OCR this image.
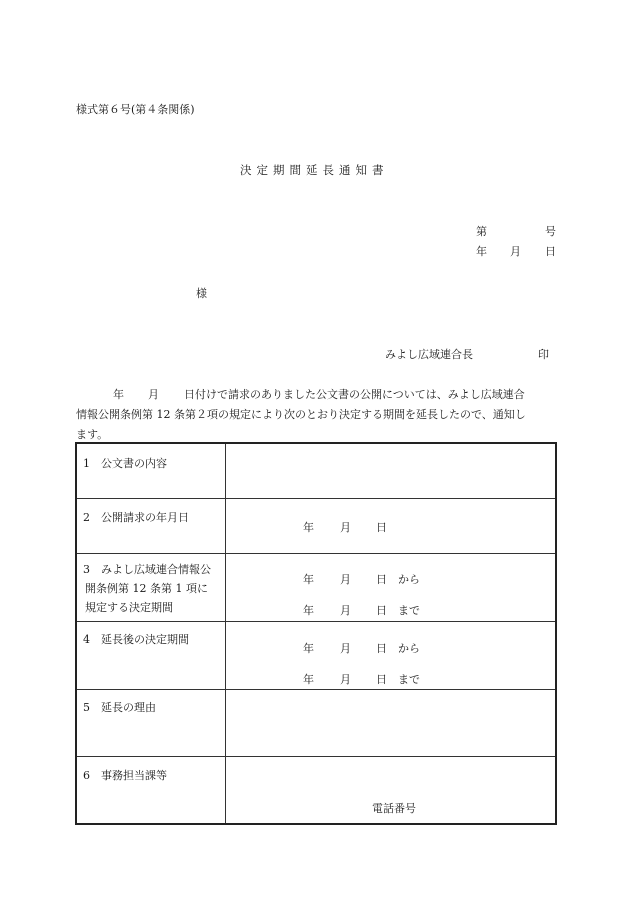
様式第６号(第４条関係)
決定期間延長通知書
第	号
年 月 日
様
みよし広域連合長	印
年 月 日付けで請求のありました公文書の公開については、みよし広域連合
情報公開条例第 12 条第２項の規定により次のとおり決定する期間を延長したので、通知し
ます。
1　公文書の内容
2　公開請求の年月日
年 月 日
3　みよし広域連合情報公
開条例第 12 条第 1 項に
規定する決定期間
年 月 日 から
年 月 日 まで
4　延長後の決定期間
年 月 日 から
年 月 日 まで
5　延長の理由
6　事務担当課等
電話番号
